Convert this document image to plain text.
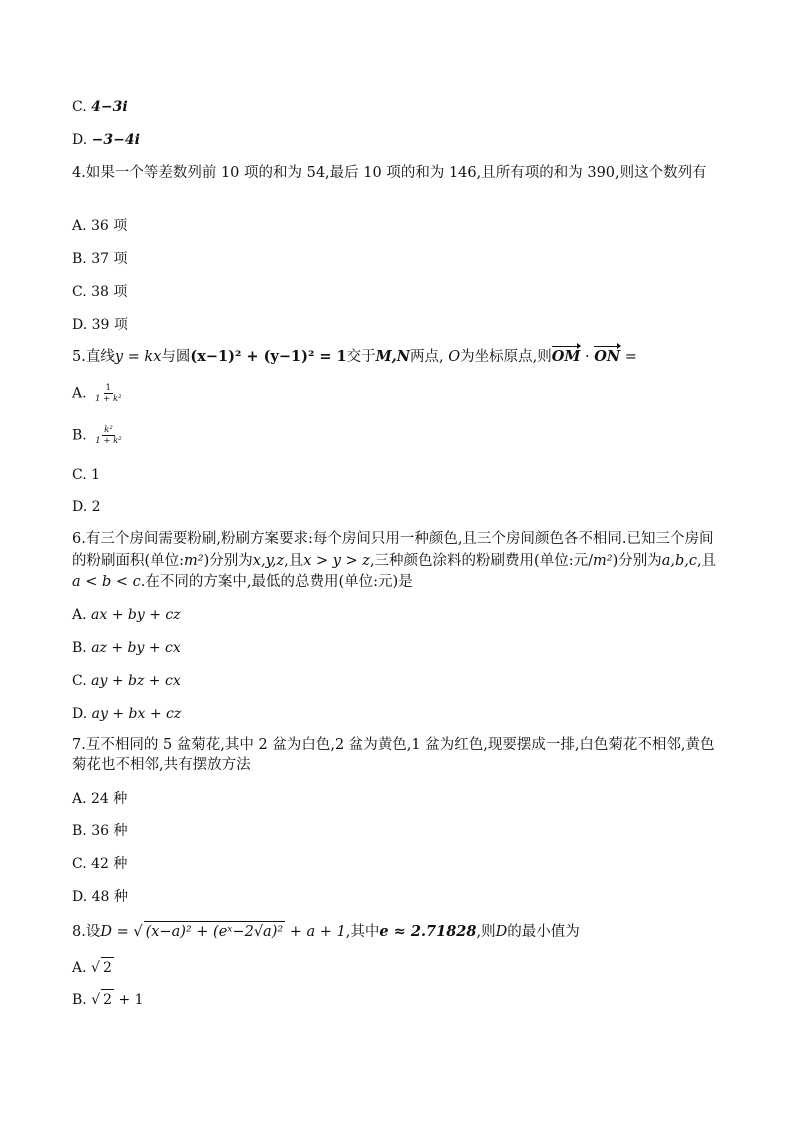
C. 4−3i

D. −3−4i

4.如果一个等差数列前 10 项的和为 54,最后 10 项的和为 146,且所有项的和为 390,则这个数列有

A. 36 项

B. 37 项

C. 38 项

D. 39 项

5.直线y = kx与圆(x−1)² + (y−1)² = 1交于M,N两点, O为坐标原点,则OM · ON =

A. $\frac{1}{\text{1 + k²}}$

B. $\frac{\text{k²}}{\text{1 + k²}}$

C. 1

D. 2

6.有三个房间需要粉刷,粉刷方案要求:每个房间只用一种颜色,且三个房间颜色各不相同.已知三个房间的粉刷面积(单位:m²)分别为x,y,z,且x > y > z,三种颜色涂料的粉刷费用(单位:元/m²)分别为a,b,c,且a < b < c.在不同的方案中,最低的总费用(单位:元)是

A. ax + by + cz

B. az + by + cx

C. ay + bz + cx

D. ay + bx + cz

7.互不相同的 5 盆菊花,其中 2 盆为白色,2 盆为黄色,1 盆为红色,现要摆成一排,白色菊花不相邻,黄色菊花也不相邻,共有摆放方法

A. 24 种

B. 36 种

C. 42 种

D. 48 种

8.设D = √ (x−a)² + (eˣ−2√a)² + a + 1,其中e ≈ 2.71828,则D的最小值为

A. √ 2

B. √ 2 + 1
